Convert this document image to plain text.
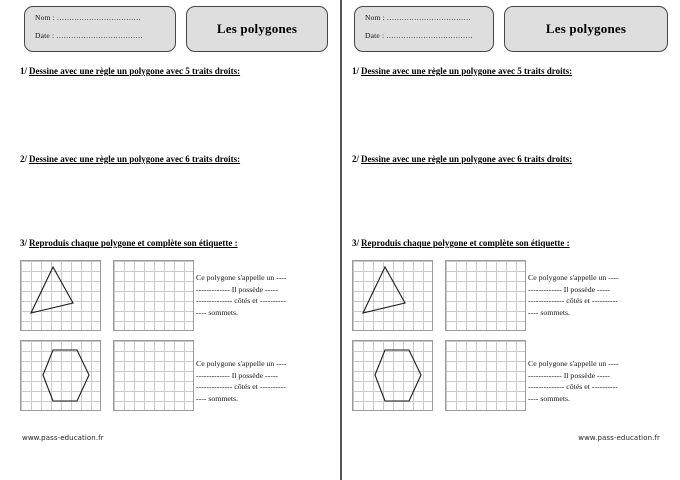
Nom : ..................................
Date : ...................................	Les polygones
1/ Dessine avec une règle un polygone avec 5 traits droits:
2/ Dessine avec une règle un polygone avec 6 traits droits:
3/ Reproduis chaque polygone et complète son étiquette :
Ce polygone s'appelle un ----
------------- Il possède -----
-------------- côtés et ----------
---- sommets.
Ce polygone s'appelle un ----
------------- Il possède -----
-------------- côtés et ----------
---- sommets.
www.pass-education.fr
Nom : ..................................
Date : ...................................	Les polygones
1/ Dessine avec une règle un polygone avec 5 traits droits:
2/ Dessine avec une règle un polygone avec 6 traits droits:
3/ Reproduis chaque polygone et complète son étiquette :
Ce polygone s'appelle un ----
------------- Il possède -----
-------------- côtés et ----------
---- sommets.
Ce polygone s'appelle un ----
------------- Il possède -----
-------------- côtés et ----------
---- sommets.
www.pass-education.fr
